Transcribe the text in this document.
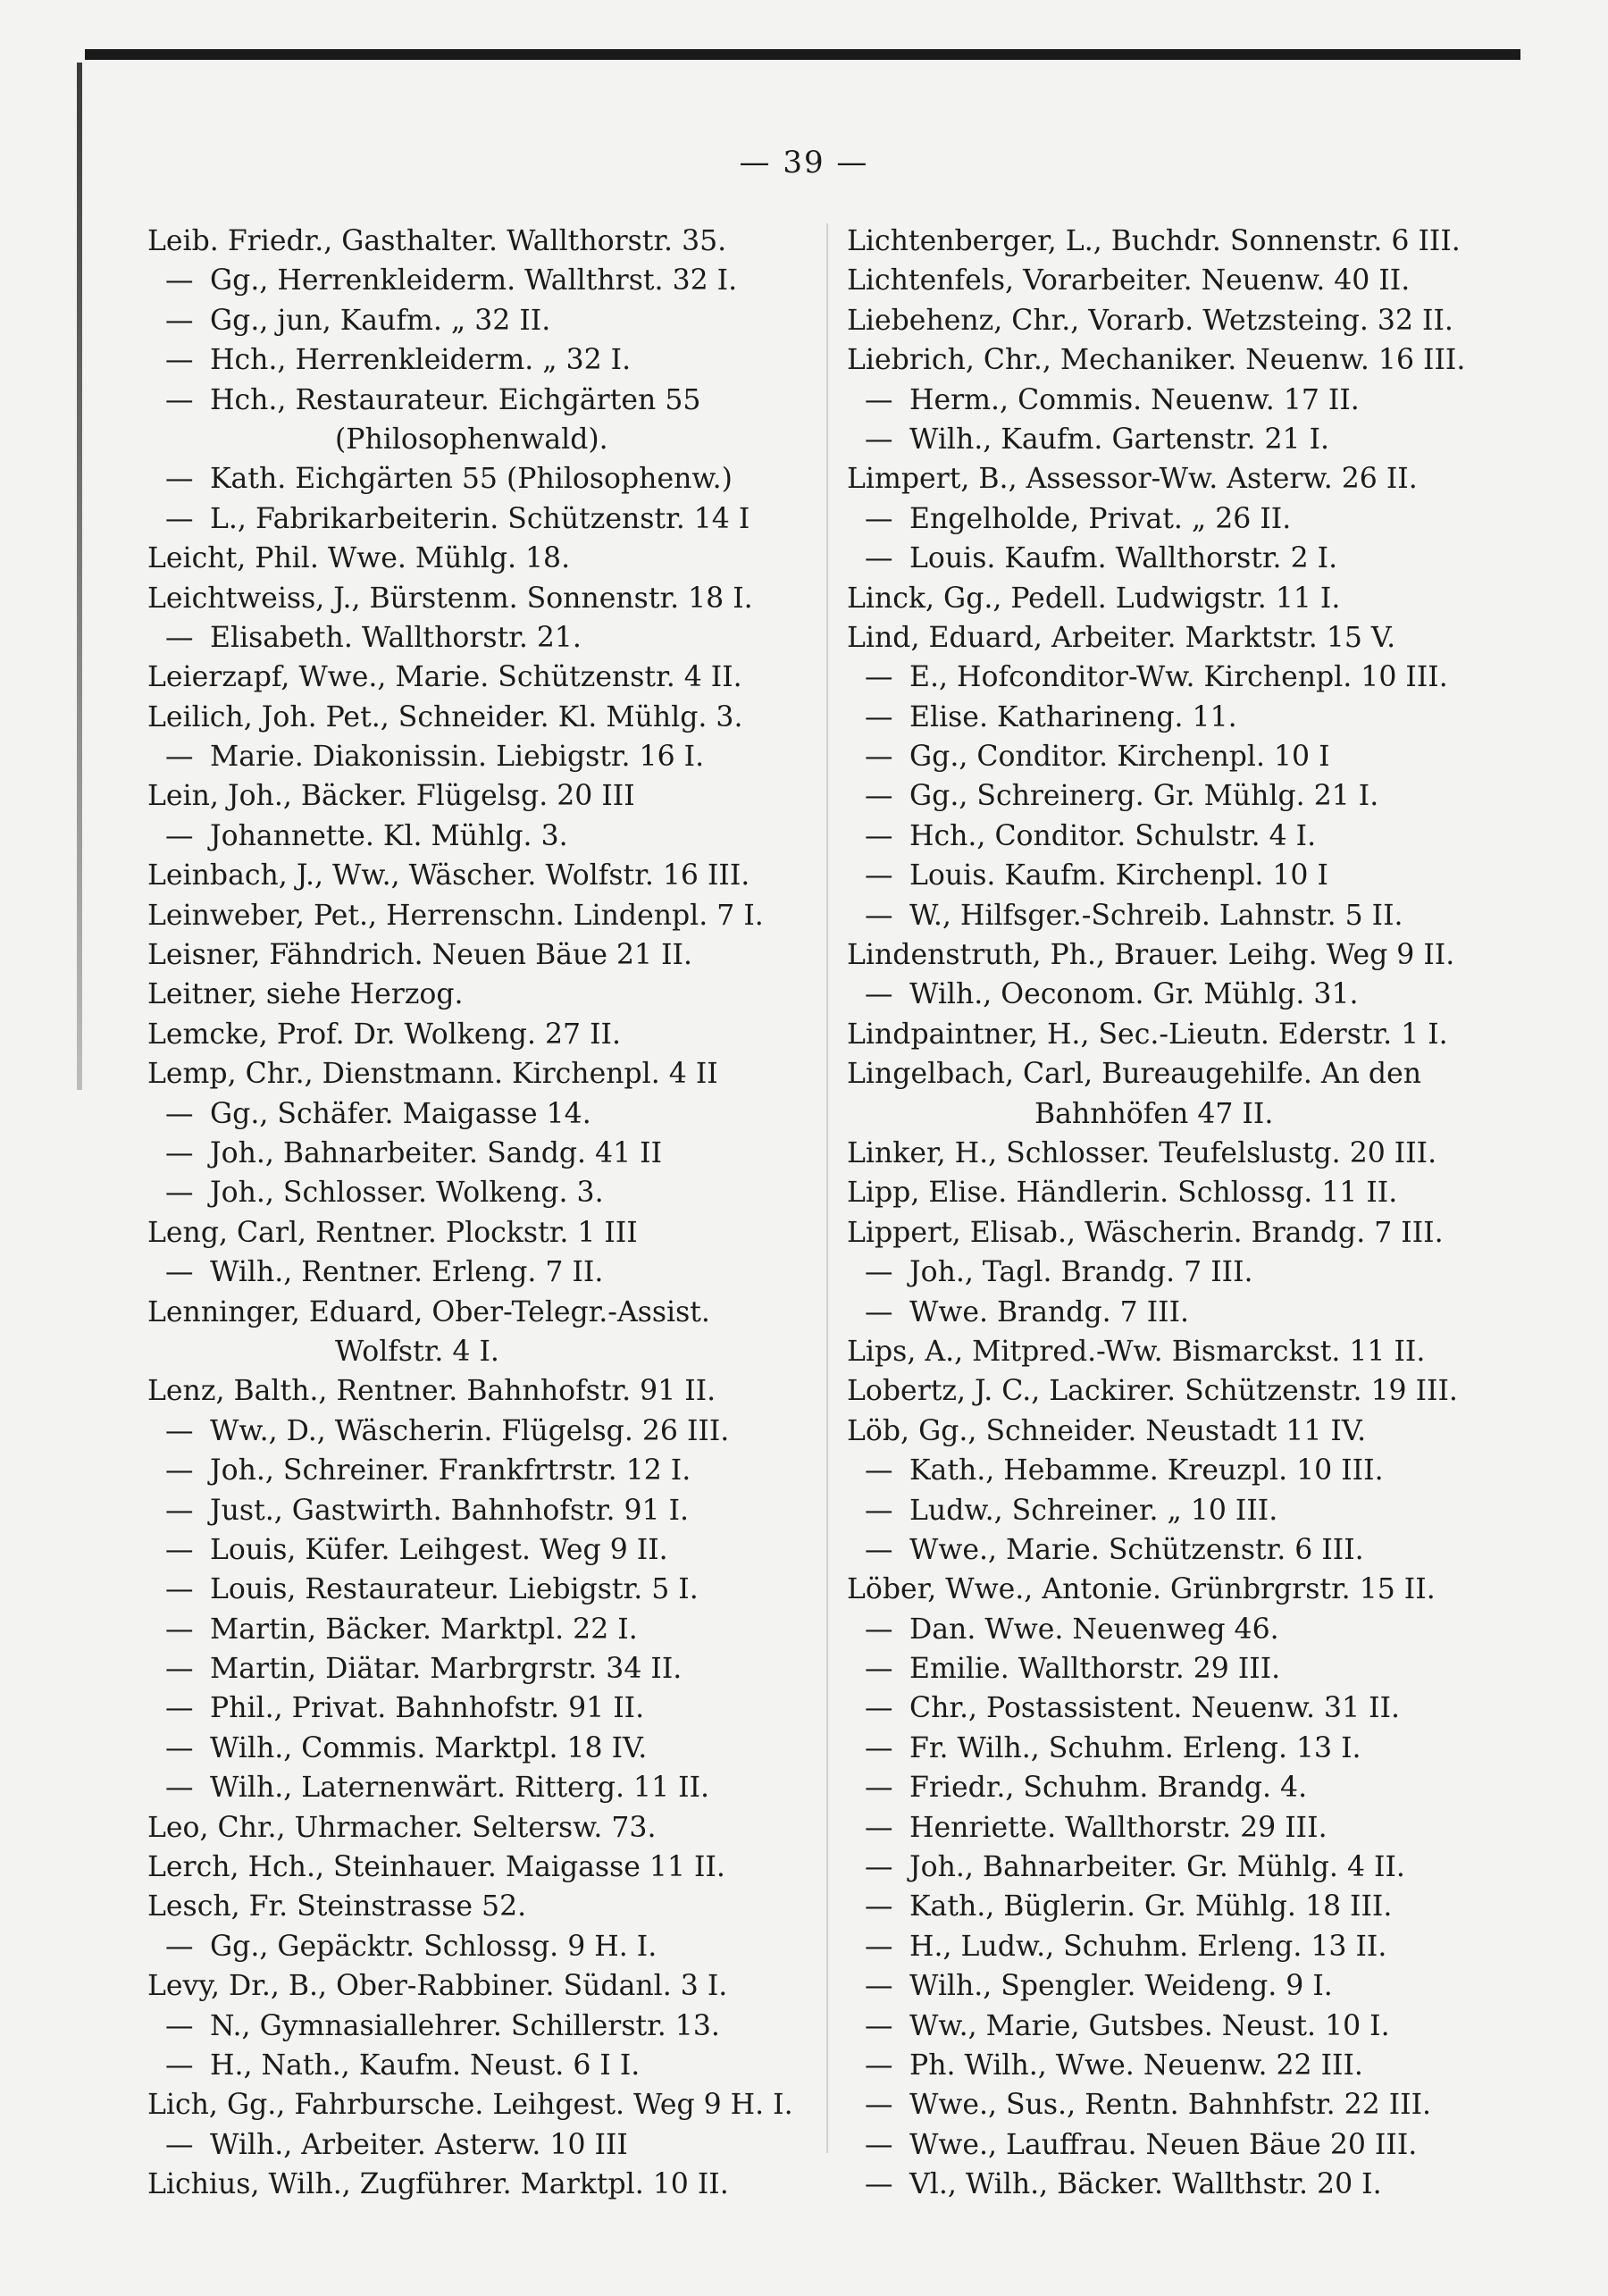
— 39 —
Leib. Friedr., Gasthalter. Wallthorstr. 35.
— Gg., Herrenkleiderm. Wallthrst. 32 I.
— Gg., jun, Kaufm. „ 32 II.
— Hch., Herrenkleiderm. „ 32 I.
— Hch., Restaurateur. Eichgärten 55
(Philosophenwald).
— Kath. Eichgärten 55 (Philosophenw.)
— L., Fabrikarbeiterin. Schützenstr. 14 I
Leicht, Phil. Wwe. Mühlg. 18.
Leichtweiss, J., Bürstenm. Sonnenstr. 18 I.
— Elisabeth. Wallthorstr. 21.
Leierzapf, Wwe., Marie. Schützenstr. 4 II.
Leilich, Joh. Pet., Schneider. Kl. Mühlg. 3.
— Marie. Diakonissin. Liebigstr. 16 I.
Lein, Joh., Bäcker. Flügelsg. 20 III
— Johannette. Kl. Mühlg. 3.
Leinbach, J., Ww., Wäscher. Wolfstr. 16 III.
Leinweber, Pet., Herrenschn. Lindenpl. 7 I.
Leisner, Fähndrich. Neuen Bäue 21 II.
Leitner, siehe Herzog.
Lemcke, Prof. Dr. Wolkeng. 27 II.
Lemp, Chr., Dienstmann. Kirchenpl. 4 II
— Gg., Schäfer. Maigasse 14.
— Joh., Bahnarbeiter. Sandg. 41 II
— Joh., Schlosser. Wolkeng. 3.
Leng, Carl, Rentner. Plockstr. 1 III
— Wilh., Rentner. Erleng. 7 II.
Lenninger, Eduard, Ober-Telegr.-Assist.
Wolfstr. 4 I.
Lenz, Balth., Rentner. Bahnhofstr. 91 II.
— Ww., D., Wäscherin. Flügelsg. 26 III.
— Joh., Schreiner. Frankfrtrstr. 12 I.
— Just., Gastwirth. Bahnhofstr. 91 I.
— Louis, Küfer. Leihgest. Weg 9 II.
— Louis, Restaurateur. Liebigstr. 5 I.
— Martin, Bäcker. Marktpl. 22 I.
— Martin, Diätar. Marbrgrstr. 34 II.
— Phil., Privat. Bahnhofstr. 91 II.
— Wilh., Commis. Marktpl. 18 IV.
— Wilh., Laternenwärt. Ritterg. 11 II.
Leo, Chr., Uhrmacher. Seltersw. 73.
Lerch, Hch., Steinhauer. Maigasse 11 II.
Lesch, Fr. Steinstrasse 52.
— Gg., Gepäcktr. Schlossg. 9 H. I.
Levy, Dr., B., Ober-Rabbiner. Südanl. 3 I.
— N., Gymnasiallehrer. Schillerstr. 13.
— H., Nath., Kaufm. Neust. 6 I I.
Lich, Gg., Fahrbursche. Leihgest. Weg 9 H. I.
— Wilh., Arbeiter. Asterw. 10 III
Lichius, Wilh., Zugführer. Marktpl. 10 II.
Lichtenberger, L., Buchdr. Sonnenstr. 6 III.
Lichtenfels, Vorarbeiter. Neuenw. 40 II.
Liebehenz, Chr., Vorarb. Wetzsteing. 32 II.
Liebrich, Chr., Mechaniker. Neuenw. 16 III.
— Herm., Commis. Neuenw. 17 II.
— Wilh., Kaufm. Gartenstr. 21 I.
Limpert, B., Assessor-Ww. Asterw. 26 II.
— Engelholde, Privat. „ 26 II.
— Louis. Kaufm. Wallthorstr. 2 I.
Linck, Gg., Pedell. Ludwigstr. 11 I.
Lind, Eduard, Arbeiter. Marktstr. 15 V.
— E., Hofconditor-Ww. Kirchenpl. 10 III.
— Elise. Katharineng. 11.
— Gg., Conditor. Kirchenpl. 10 I
— Gg., Schreinerg. Gr. Mühlg. 21 I.
— Hch., Conditor. Schulstr. 4 I.
— Louis. Kaufm. Kirchenpl. 10 I
— W., Hilfsger.-Schreib. Lahnstr. 5 II.
Lindenstruth, Ph., Brauer. Leihg. Weg 9 II.
— Wilh., Oeconom. Gr. Mühlg. 31.
Lindpaintner, H., Sec.-Lieutn. Ederstr. 1 I.
Lingelbach, Carl, Bureaugehilfe. An den
Bahnhöfen 47 II.
Linker, H., Schlosser. Teufelslustg. 20 III.
Lipp, Elise. Händlerin. Schlossg. 11 II.
Lippert, Elisab., Wäscherin. Brandg. 7 III.
— Joh., Tagl. Brandg. 7 III.
— Wwe. Brandg. 7 III.
Lips, A., Mitpred.-Ww. Bismarckst. 11 II.
Lobertz, J. C., Lackirer. Schützenstr. 19 III.
Löb, Gg., Schneider. Neustadt 11 IV.
— Kath., Hebamme. Kreuzpl. 10 III.
— Ludw., Schreiner. „ 10 III.
— Wwe., Marie. Schützenstr. 6 III.
Löber, Wwe., Antonie. Grünbrgrstr. 15 II.
— Dan. Wwe. Neuenweg 46.
— Emilie. Wallthorstr. 29 III.
— Chr., Postassistent. Neuenw. 31 II.
— Fr. Wilh., Schuhm. Erleng. 13 I.
— Friedr., Schuhm. Brandg. 4.
— Henriette. Wallthorstr. 29 III.
— Joh., Bahnarbeiter. Gr. Mühlg. 4 II.
— Kath., Büglerin. Gr. Mühlg. 18 III.
— H., Ludw., Schuhm. Erleng. 13 II.
— Wilh., Spengler. Weideng. 9 I.
— Ww., Marie, Gutsbes. Neust. 10 I.
— Ph. Wilh., Wwe. Neuenw. 22 III.
— Wwe., Sus., Rentn. Bahnhfstr. 22 III.
— Wwe., Lauffrau. Neuen Bäue 20 III.
— Vl., Wilh., Bäcker. Wallthstr. 20 I.
